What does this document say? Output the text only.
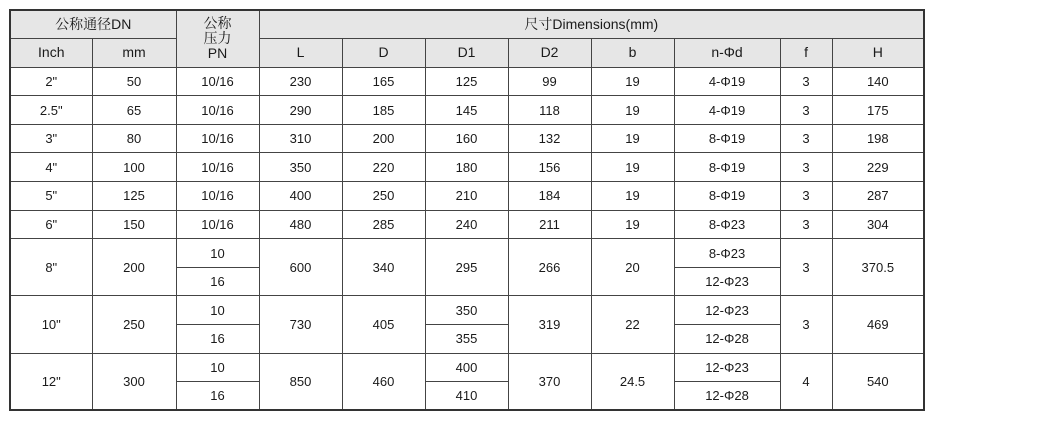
公称通径DN		公称
压力
PN	尺寸Dimensions(mm)							
Inch	mm		L	D	D1	D2	b	n-Φd	f	H
2"	50	10/16	230	165	125	99	19	4-Φ19	3	140
2.5"	65	10/16	290	185	145	118	19	4-Φ19	3	175
3"	80	10/16	310	200	160	132	19	8-Φ19	3	198
4"	100	10/16	350	220	180	156	19	8-Φ19	3	229
5"	125	10/16	400	250	210	184	19	8-Φ19	3	287
6"	150	10/16	480	285	240	211	19	8-Φ23	3	304
8"	200	10	600	340	295	266	20	8-Φ23	3	370.5
		16						12-Φ23		
10"	250	10	730	405	350	319	22	12-Φ23	3	469
		16			355			12-Φ28		
12"	300	10	850	460	400	370	24.5	12-Φ23	4	540
		16			410			12-Φ28		
